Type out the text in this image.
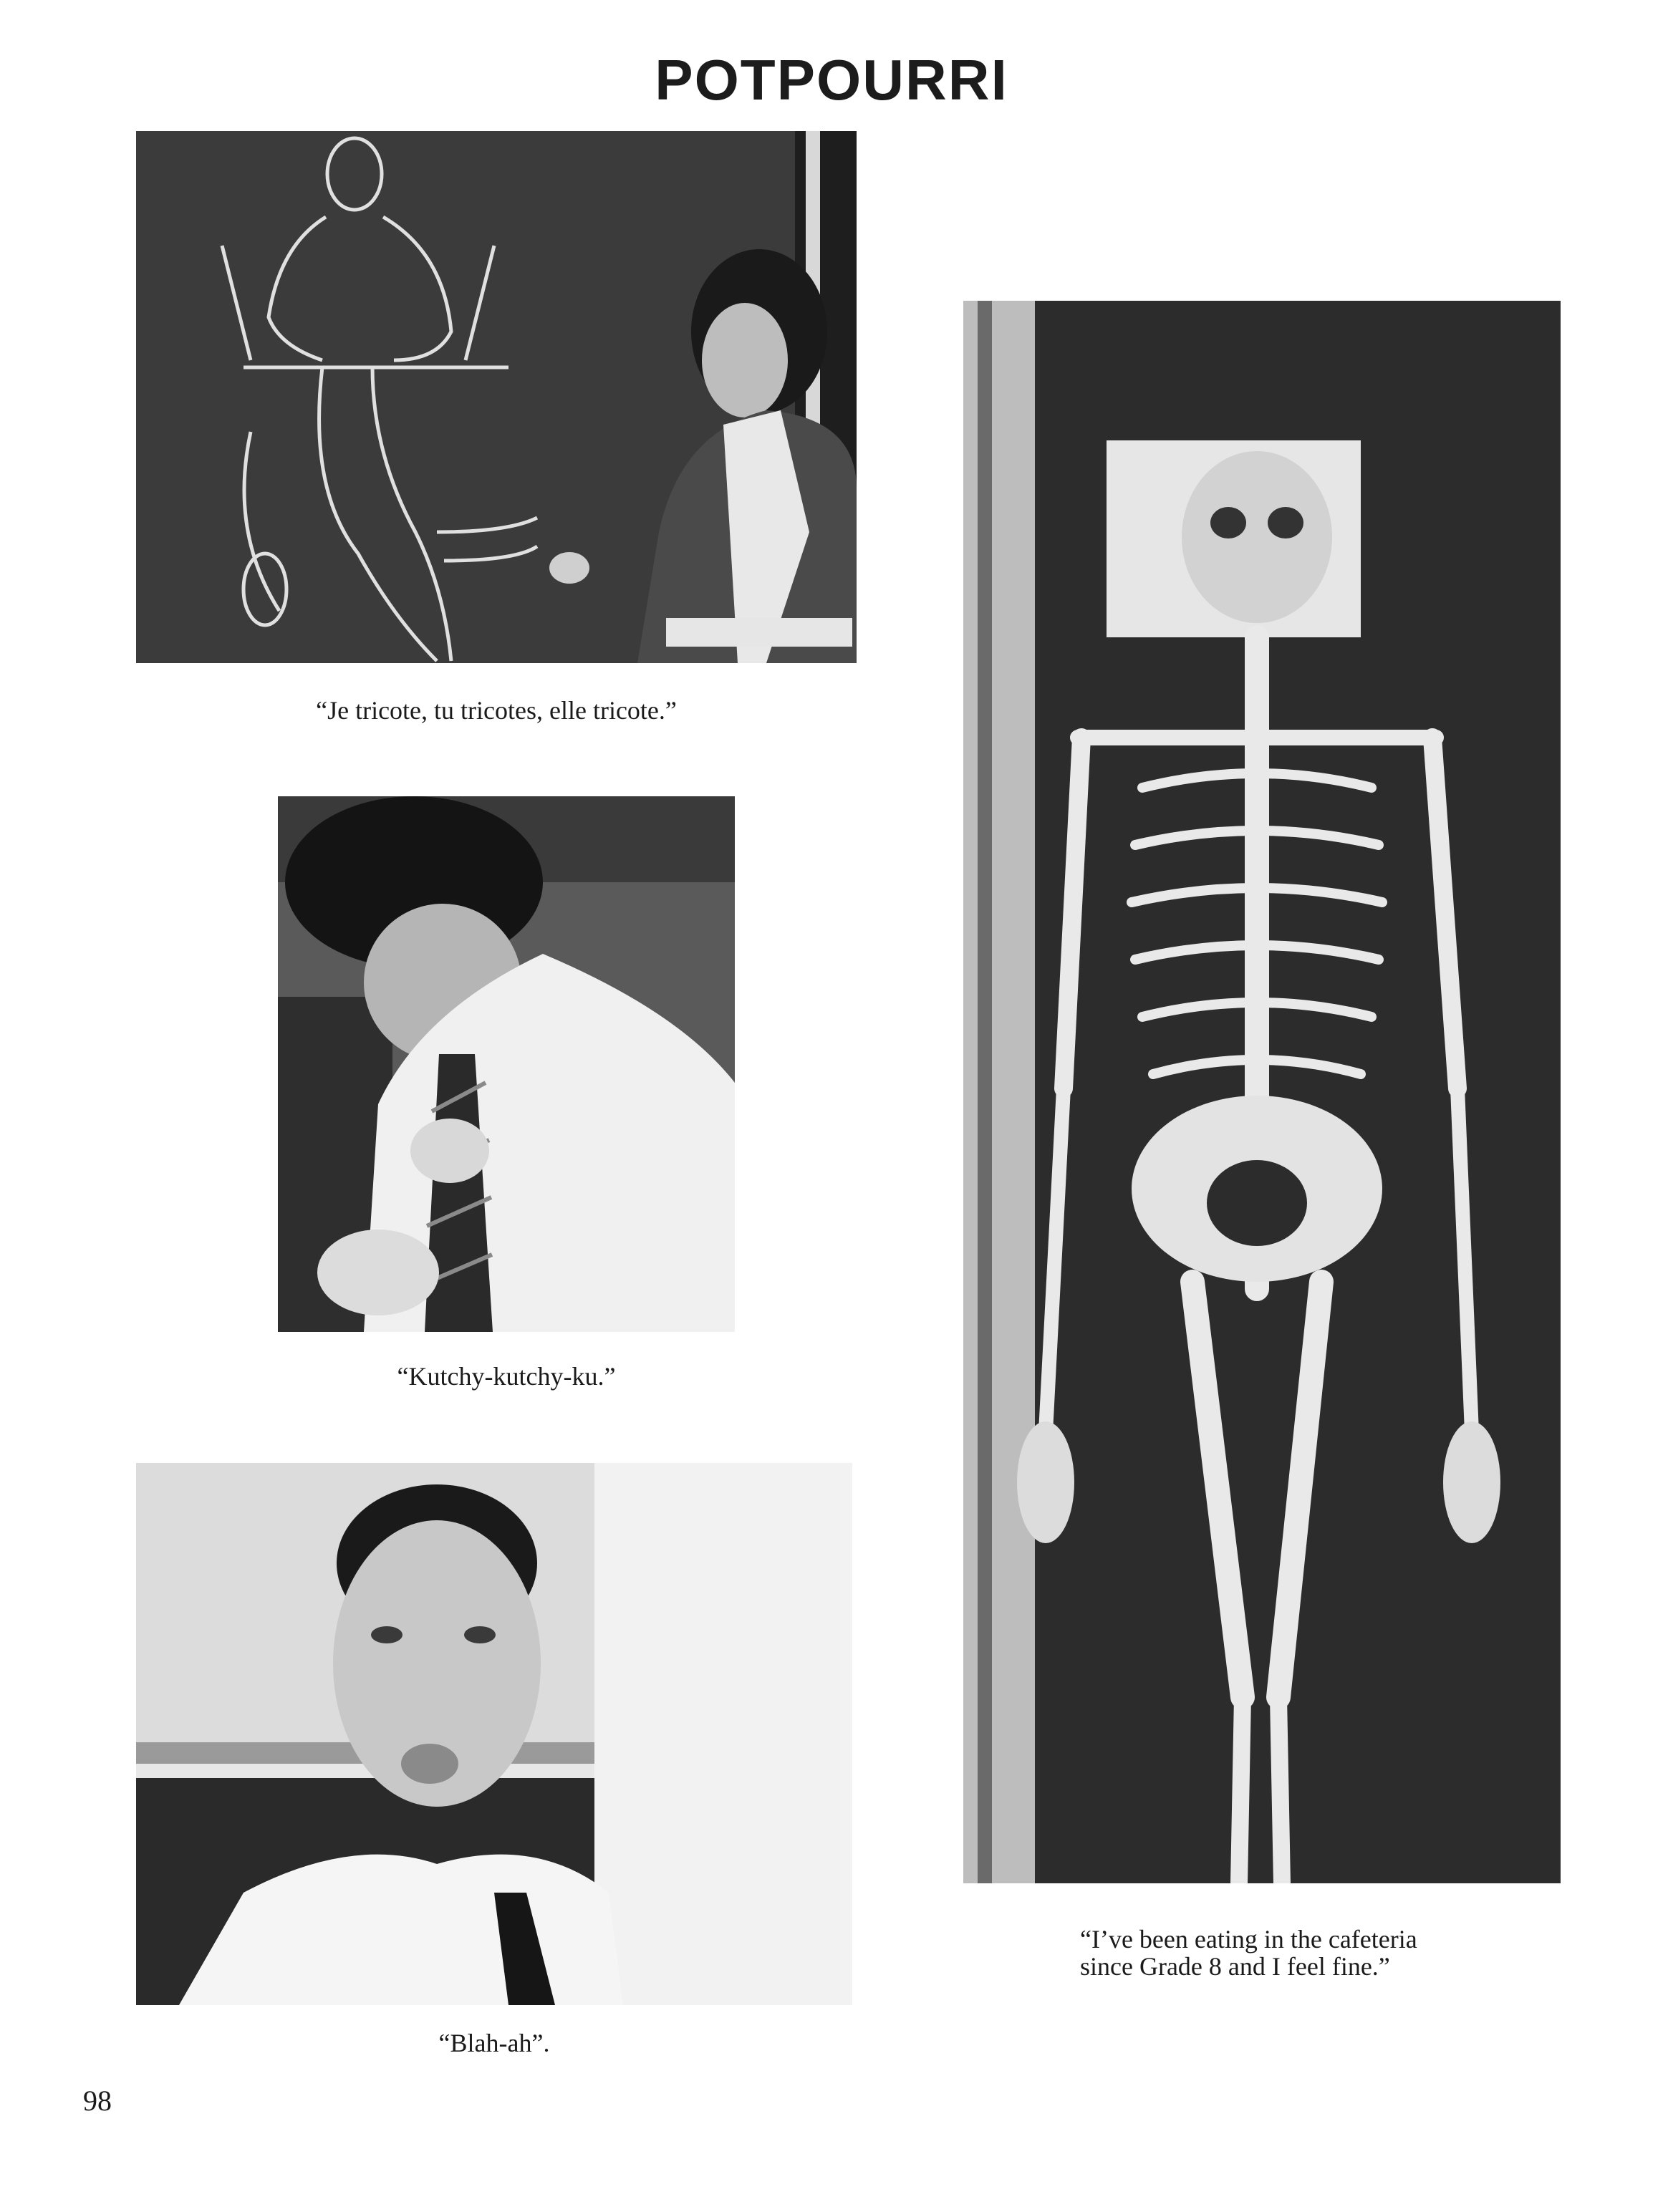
POTPOURRI
“Je tricote, tu tricotes, elle tricote.”
“Kutchy-kutchy-ku.”
“Blah-ah”.
“I’ve been eating in the cafeteria
since Grade 8 and I feel fine.”
98
